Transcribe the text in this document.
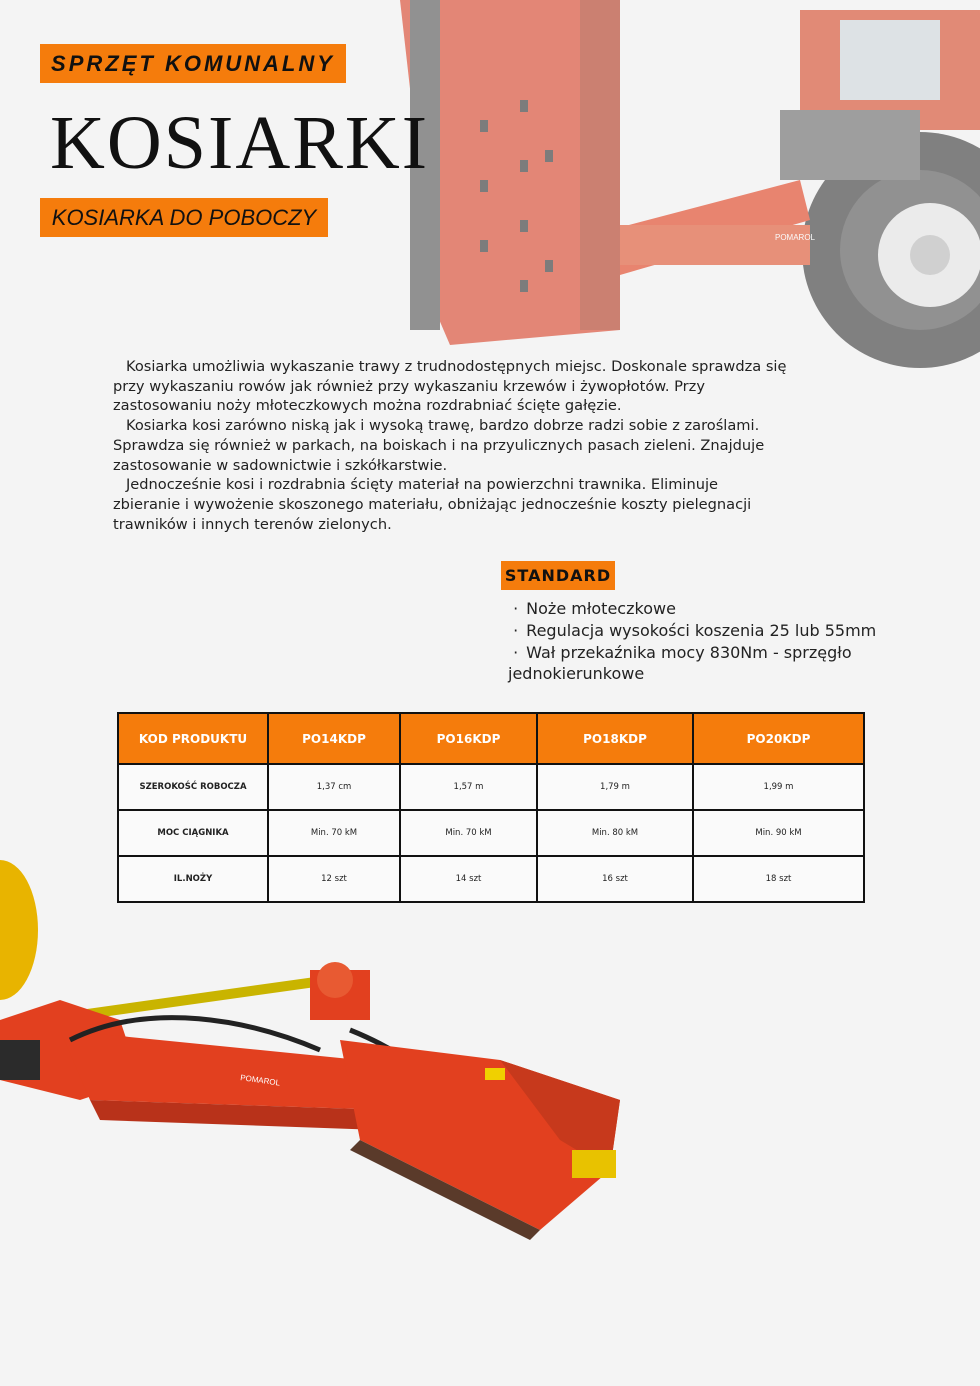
POMAROL
SPRZĘT KOMUNALNY
KOSIARKI
KOSIARKA DO POBOCZY

Kosiarka umożliwia wykaszanie trawy z trudnodostępnych miejsc. Doskonale sprawdza się przy wykaszaniu rowów jak również przy wykaszaniu krzewów i żywopłotów. Przy zastosowaniu noży młoteczkowych można rozdrabniać ścięte gałęzie.

Kosiarka kosi zarówno niską jak i wysoką trawę, bardzo dobrze radzi sobie z zaroślami. Sprawdza się również w parkach, na boiskach i na przyulicznych pasach zieleni. Znajduje zastosowanie w sadownictwie i szkółkarstwie.

Jednocześnie kosi i rozdrabnia ścięty materiał na powierzchni trawnika. Eliminuje zbieranie i wywożenie skoszonego materiału, obniżając jednocześnie koszty pielegnacji trawników i innych terenów zielonych.

STANDARD
· Noże młoteczkowe
· Regulacja wysokości koszenia 25 lub 55mm
· Wał przekaźnika mocy 830Nm - sprzęgło jednokierunkowe
KOD PRODUKTU	PO14KDP	PO16KDP	PO18KDP	PO20KDP
SZEROKOŚĆ ROBOCZA	1,37 cm	1,57 m	1,79 m	1,99 m
MOC CIĄGNIKA	Min. 70 kM	Min. 70 kM	Min. 80 kM	Min. 90 kM
IL.NOŻY	12 szt	14 szt	16 szt	18 szt
POMAROL
